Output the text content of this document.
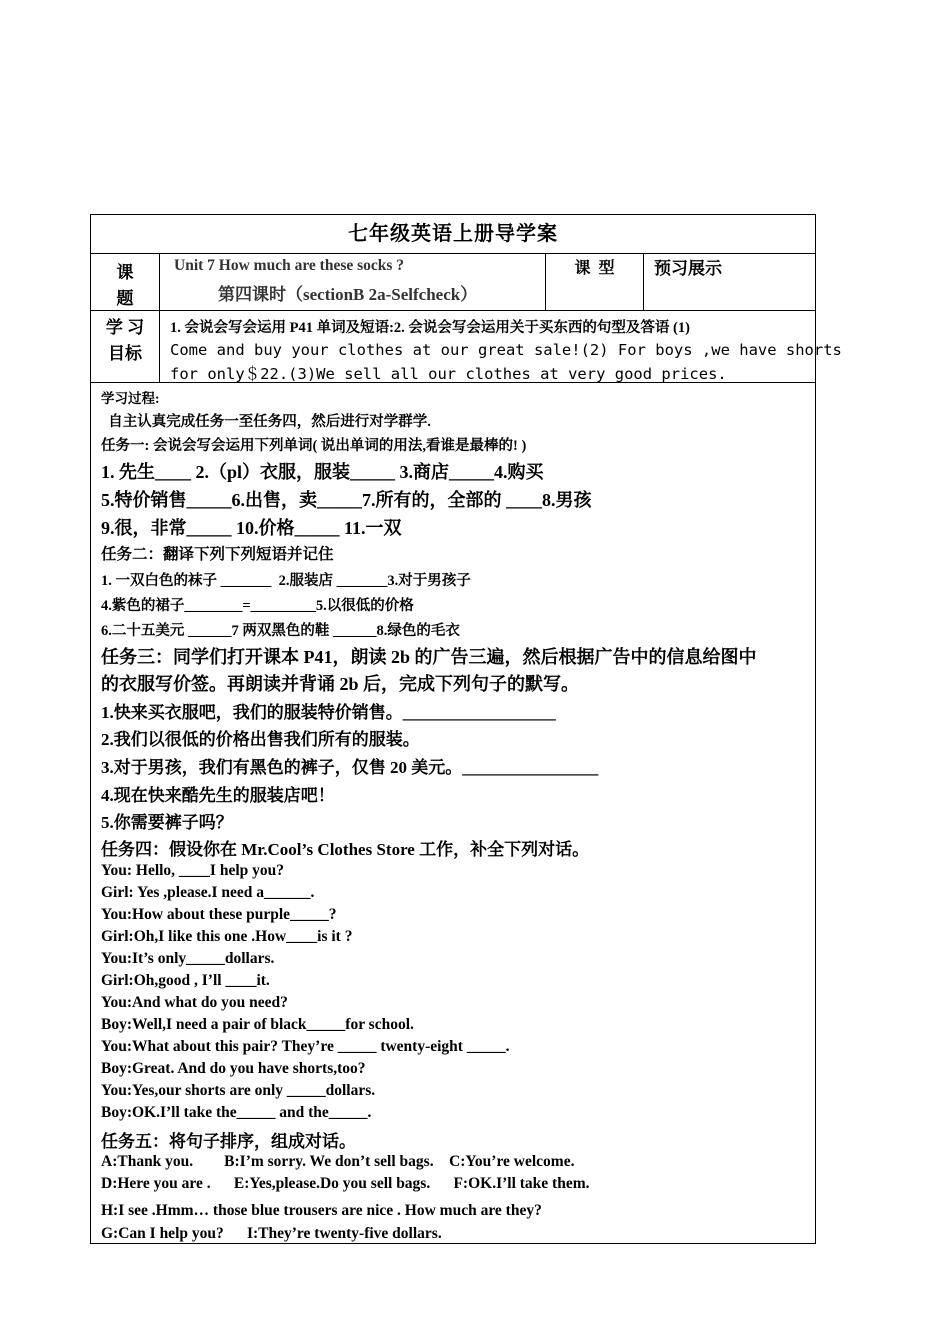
七年级英语上册导学案
课题
Unit 7 How much are these socks ?
第四课时（sectionB 2a-Selfcheck）
课  型	预习展示
学 习 目标
1. 会说会写会运用 P41 单词及短语:2. 会说会写会运用关于买东西的句型及答语 (1)
Come and buy your clothes at our great sale!(2) For boys ,we have shorts
for only＄22.(3)We sell all our clothes at very good prices.
学习过程:
自主认真完成任务一至任务四，然后进行对学群学.
任务一: 会说会写会运用下列单词( 说出单词的用法,看谁是最棒的! )
1. 先生____ 2.（pl）衣服，服装_____ 3.商店_____4.购买
5.特价销售_____6.出售，卖_____7.所有的，全部的 ____8.男孩
9.很，非常_____ 10.价格_____ 11.一双
任务二：翻译下列下列短语并记住
1. 一双白色的袜子 _______  2.服装店 _______3.对于男孩子
4.紫色的裙子________=_________5.以很低的价格
6.二十五美元 ______7 两双黑色的鞋 ______8.绿色的毛衣
任务三：同学们打开课本 P41，朗读 2b 的广告三遍，然后根据广告中的信息给图中
的衣服写价签。再朗读并背诵 2b 后，完成下列句子的默写。
1.快来买衣服吧，我们的服装特价销售。__________________
2.我们以很低的价格出售我们所有的服装。
3.对于男孩，我们有黑色的裤子，仅售 20 美元。________________
4.现在快来酷先生的服装店吧！
5.你需要裤子吗？
任务四：假设你在 Mr.Cool’s Clothes Store 工作，补全下列对话。
You: Hello, ____I help you?
Girl: Yes ,please.I need a______.
You:How about these purple_____?
Girl:Oh,I like this one .How____is it ?
You:It’s only_____dollars.
Girl:Oh,good , I’ll ____it.
You:And what do you need?
Boy:Well,I need a pair of black_____for school.
You:What about this pair? They’re _____ twenty-eight _____.
Boy:Great. And do you have shorts,too?
You:Yes,our shorts are only _____dollars.
Boy:OK.I’ll take the_____ and the_____.
任务五：将句子排序，组成对话。
A:Thank you.        B:I’m sorry. We don’t sell bags.    C:You’re welcome.
D:Here you are .      E:Yes,please.Do you sell bags.      F:OK.I’ll take them.
H:I see .Hmm… those blue trousers are nice . How much are they?
G:Can I help you?      I:They’re twenty-five dollars.
